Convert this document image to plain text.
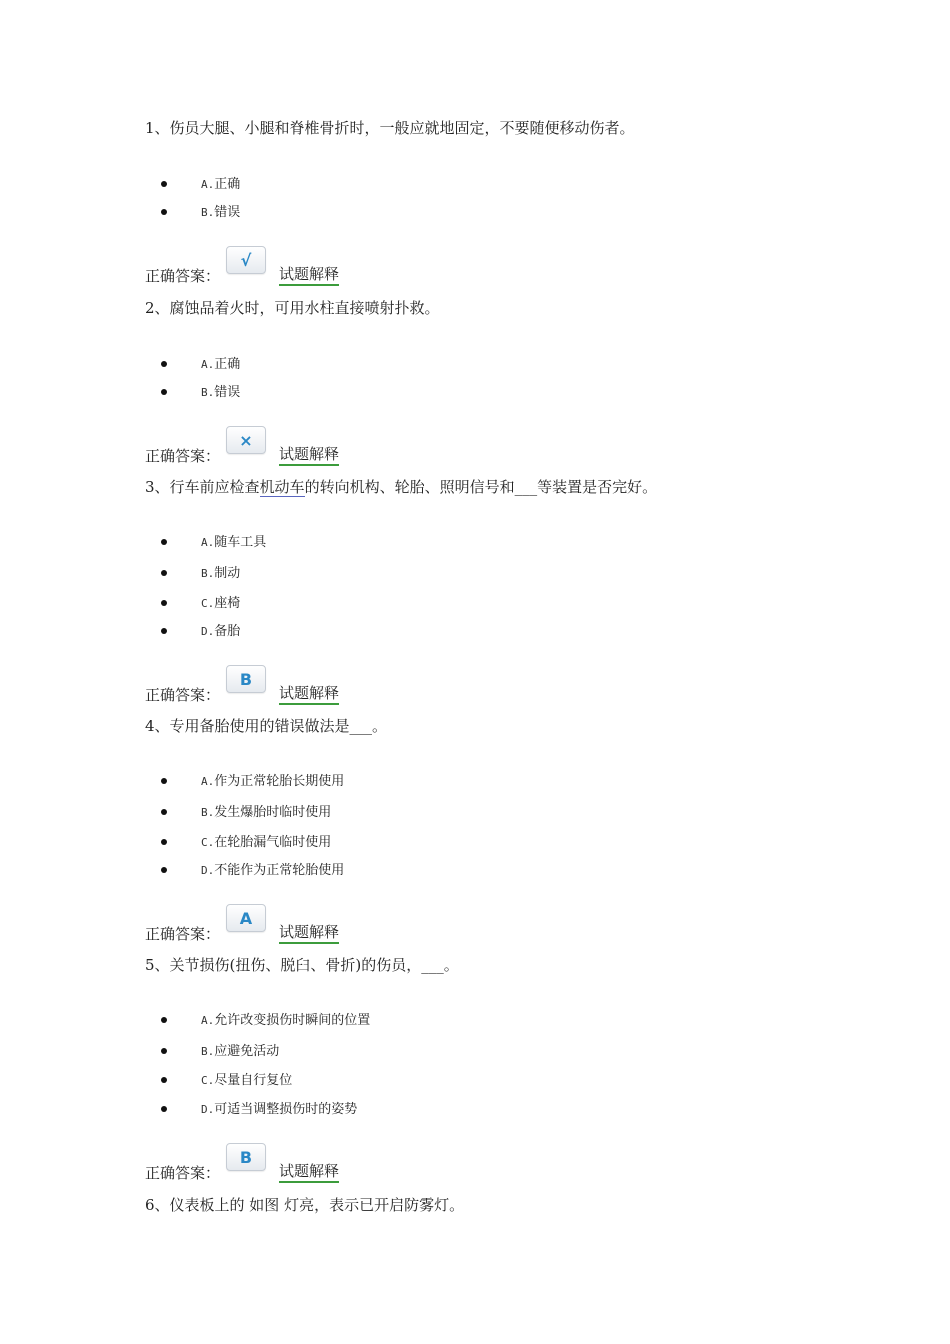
1、伤员大腿、小腿和脊椎骨折时，一般应就地固定，不要随便移动伤者。
A.正确
B.错误
正确答案：
√
试题解释
2、腐蚀品着火时，可用水柱直接喷射扑救。
A.正确
B.错误
正确答案：
×
试题解释
3、行车前应检查机动车的转向机构、轮胎、照明信号和___等装置是否完好。
A.随车工具
B.制动
C.座椅
D.备胎
正确答案：
B
试题解释
4、专用备胎使用的错误做法是___。
A.作为正常轮胎长期使用
B.发生爆胎时临时使用
C.在轮胎漏气临时使用
D.不能作为正常轮胎使用
正确答案：
A
试题解释
5、关节损伤(扭伤、脱臼、骨折)的伤员，___。
A.允许改变损伤时瞬间的位置
B.应避免活动
C.尽量自行复位
D.可适当调整损伤时的姿势
正确答案：
B
试题解释
6、仪表板上的 如图 灯亮，表示已开启防雾灯。
